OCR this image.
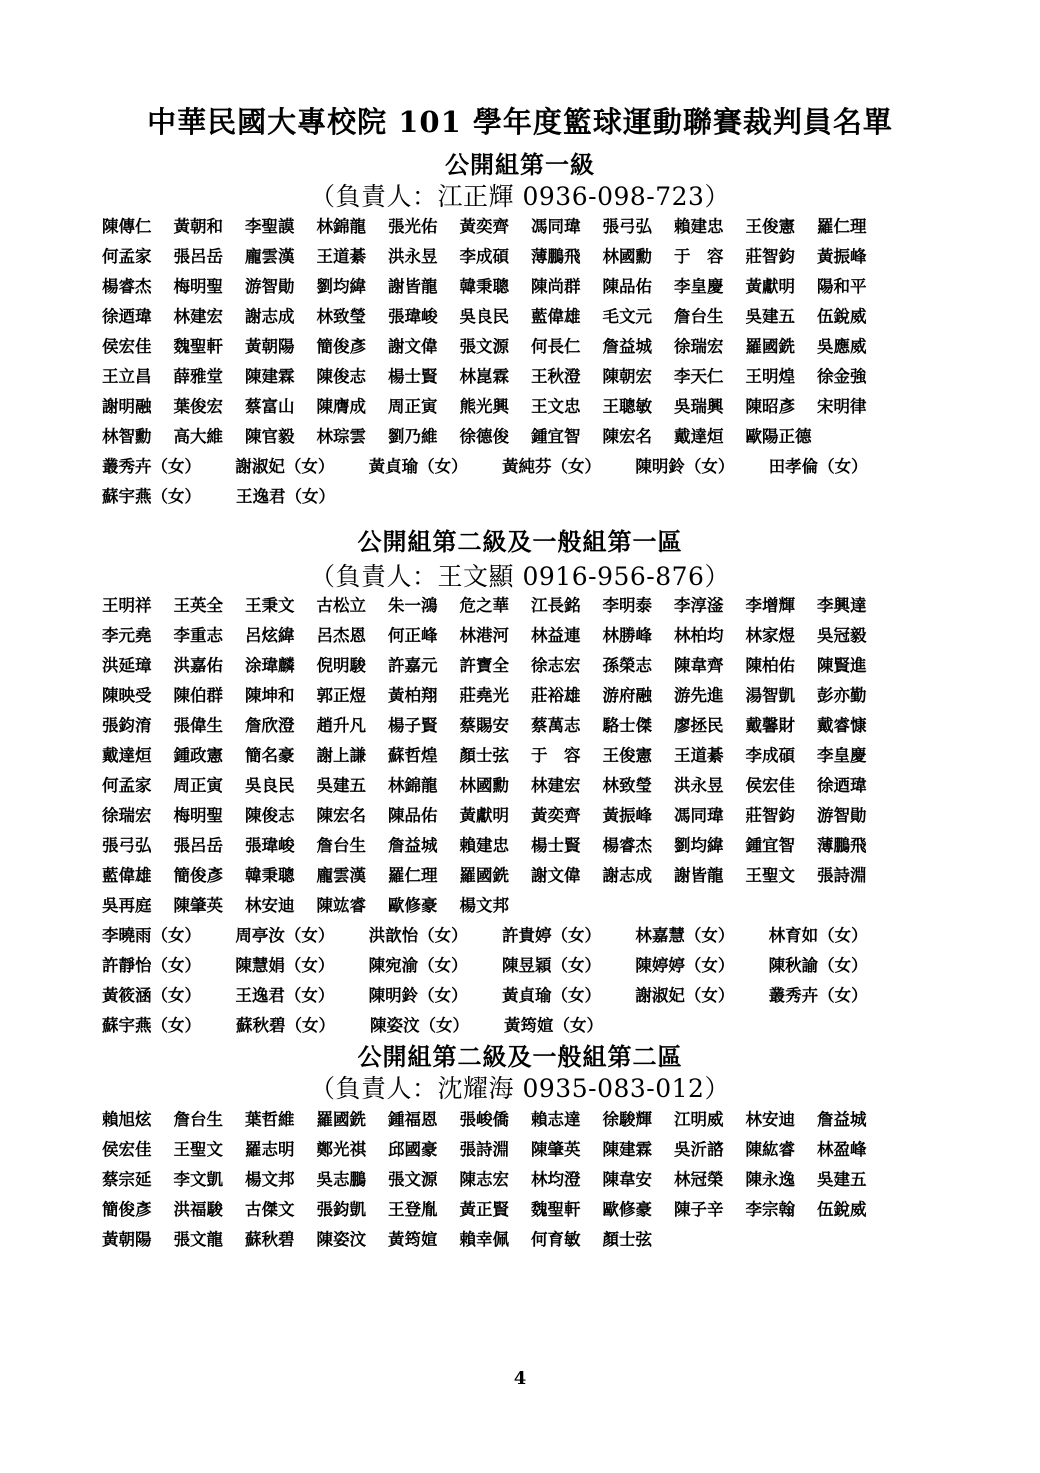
中華民國大專校院 101 學年度籃球運動聯賽裁判員名單
公開組第一級
（負責人：江正輝 0936-098-723）
陳傳仁	黃朝和	李聖謨	林錦龍	張光佑	黃奕齊	馮同瑋	張弓弘	賴建忠	王俊憲	羅仁理
何孟家	張呂岳	龐雲漢	王道綦	洪永昱	李成碩	薄鵬飛	林國勳	于　容	莊智鈞	黃振峰
楊睿杰	梅明聖	游智勛	劉均緯	謝皆龍	韓秉聰	陳尚群	陳品佑	李皇慶	黃獻明	陽和平
徐迺瑋	林建宏	謝志成	林致瑩	張瑋峻	吳良民	藍偉雄	毛文元	詹台生	吳建五	伍銳威
侯宏佳	魏聖軒	黃朝陽	簡俊彥	謝文偉	張文源	何長仁	詹益城	徐瑞宏	羅國銑	吳應威
王立昌	薛雅堂	陳建霖	陳俊志	楊士賢	林崑霖	王秋澄	陳朝宏	李天仁	王明煌	徐金強
謝明融	葉俊宏	蔡富山	陳膺成	周正寅	熊光興	王文忠	王聰敏	吳瑞興	陳昭彥	宋明律
林智勳	高大維	陳官毅	林琮雲	劉乃維	徐德俊	鍾宜智	陳宏名	戴達烜	歐陽正德
叢秀卉（女）	謝淑妃（女）	黃貞瑜（女）	黃純芬（女）	陳明鈴（女）	田孝倫（女）
蘇宇燕（女）	王逸君（女）
公開組第二級及一般組第一區
（負責人：王文顯 0916-956-876）
王明祥	王英全	王秉文	古松立	朱一鴻	危之華	江長銘	李明泰	李淳滏	李增輝	李興達
李元堯	李重志	呂炫緯	呂杰恩	何正峰	林港河	林益連	林勝峰	林柏均	林家煜	吳冠毅
洪延璋	洪嘉佑	涂瑋麟	倪明駿	許嘉元	許寶全	徐志宏	孫榮志	陳韋齊	陳柏佑	陳賢進
陳映受	陳伯群	陳坤和	郭正煜	黃柏翔	莊堯光	莊裕雄	游府融	游先進	湯智凱	彭亦勤
張鈞淯	張偉生	詹欣澄	趙升凡	楊子賢	蔡賜安	蔡萬志	駱士傑	廖拯民	戴馨財	戴睿慷
戴達烜	鍾政憲	簡名豪	謝上謙	蘇哲煌	顏士弦	于　容	王俊憲	王道綦	李成碩	李皇慶
何孟家	周正寅	吳良民	吳建五	林錦龍	林國勳	林建宏	林致瑩	洪永昱	侯宏佳	徐迺瑋
徐瑞宏	梅明聖	陳俊志	陳宏名	陳品佑	黃獻明	黃奕齊	黃振峰	馮同瑋	莊智鈞	游智勛
張弓弘	張呂岳	張瑋峻	詹台生	詹益城	賴建忠	楊士賢	楊睿杰	劉均緯	鍾宜智	薄鵬飛
藍偉雄	簡俊彥	韓秉聰	龐雲漢	羅仁理	羅國銑	謝文偉	謝志成	謝皆龍	王聖文	張詩淵
吳再庭	陳肇英	林安迪	陳竑睿	歐修豪	楊文邦
李曉雨（女）	周亭汝（女）	洪歆怡（女）	許貴婷（女）	林嘉慧（女）	林育如（女）
許靜怡（女）	陳慧娟（女）	陳宛渝（女）	陳昱穎（女）	陳婷婷（女）	陳秋諭（女）
黃筱涵（女）	王逸君（女）	陳明鈴（女）	黃貞瑜（女）	謝淑妃（女）	叢秀卉（女）
蘇宇燕（女）	蘇秋碧（女）	陳姿汶（女）	黃筠媗（女）
公開組第二級及一般組第二區
（負責人：沈耀海 0935-083-012）
賴旭炫	詹台生	葉哲維	羅國銑	鍾福恩	張峻僑	賴志達	徐駿輝	江明威	林安迪	詹益城
侯宏佳	王聖文	羅志明	鄭光祺	邱國豪	張詩淵	陳肇英	陳建霖	吳沂諮	陳紘睿	林盈峰
蔡宗延	李文凱	楊文邦	吳志鵬	張文源	陳志宏	林均澄	陳韋安	林冠榮	陳永逸	吳建五
簡俊彥	洪福駿	古傑文	張鈞凱	王登胤	黃正賢	魏聖軒	歐修豪	陳子辛	李宗翰	伍銳威
黃朝陽	張文龍	蘇秋碧	陳姿汶	黃筠媗	賴幸佩	何育敏	顏士弦
4
